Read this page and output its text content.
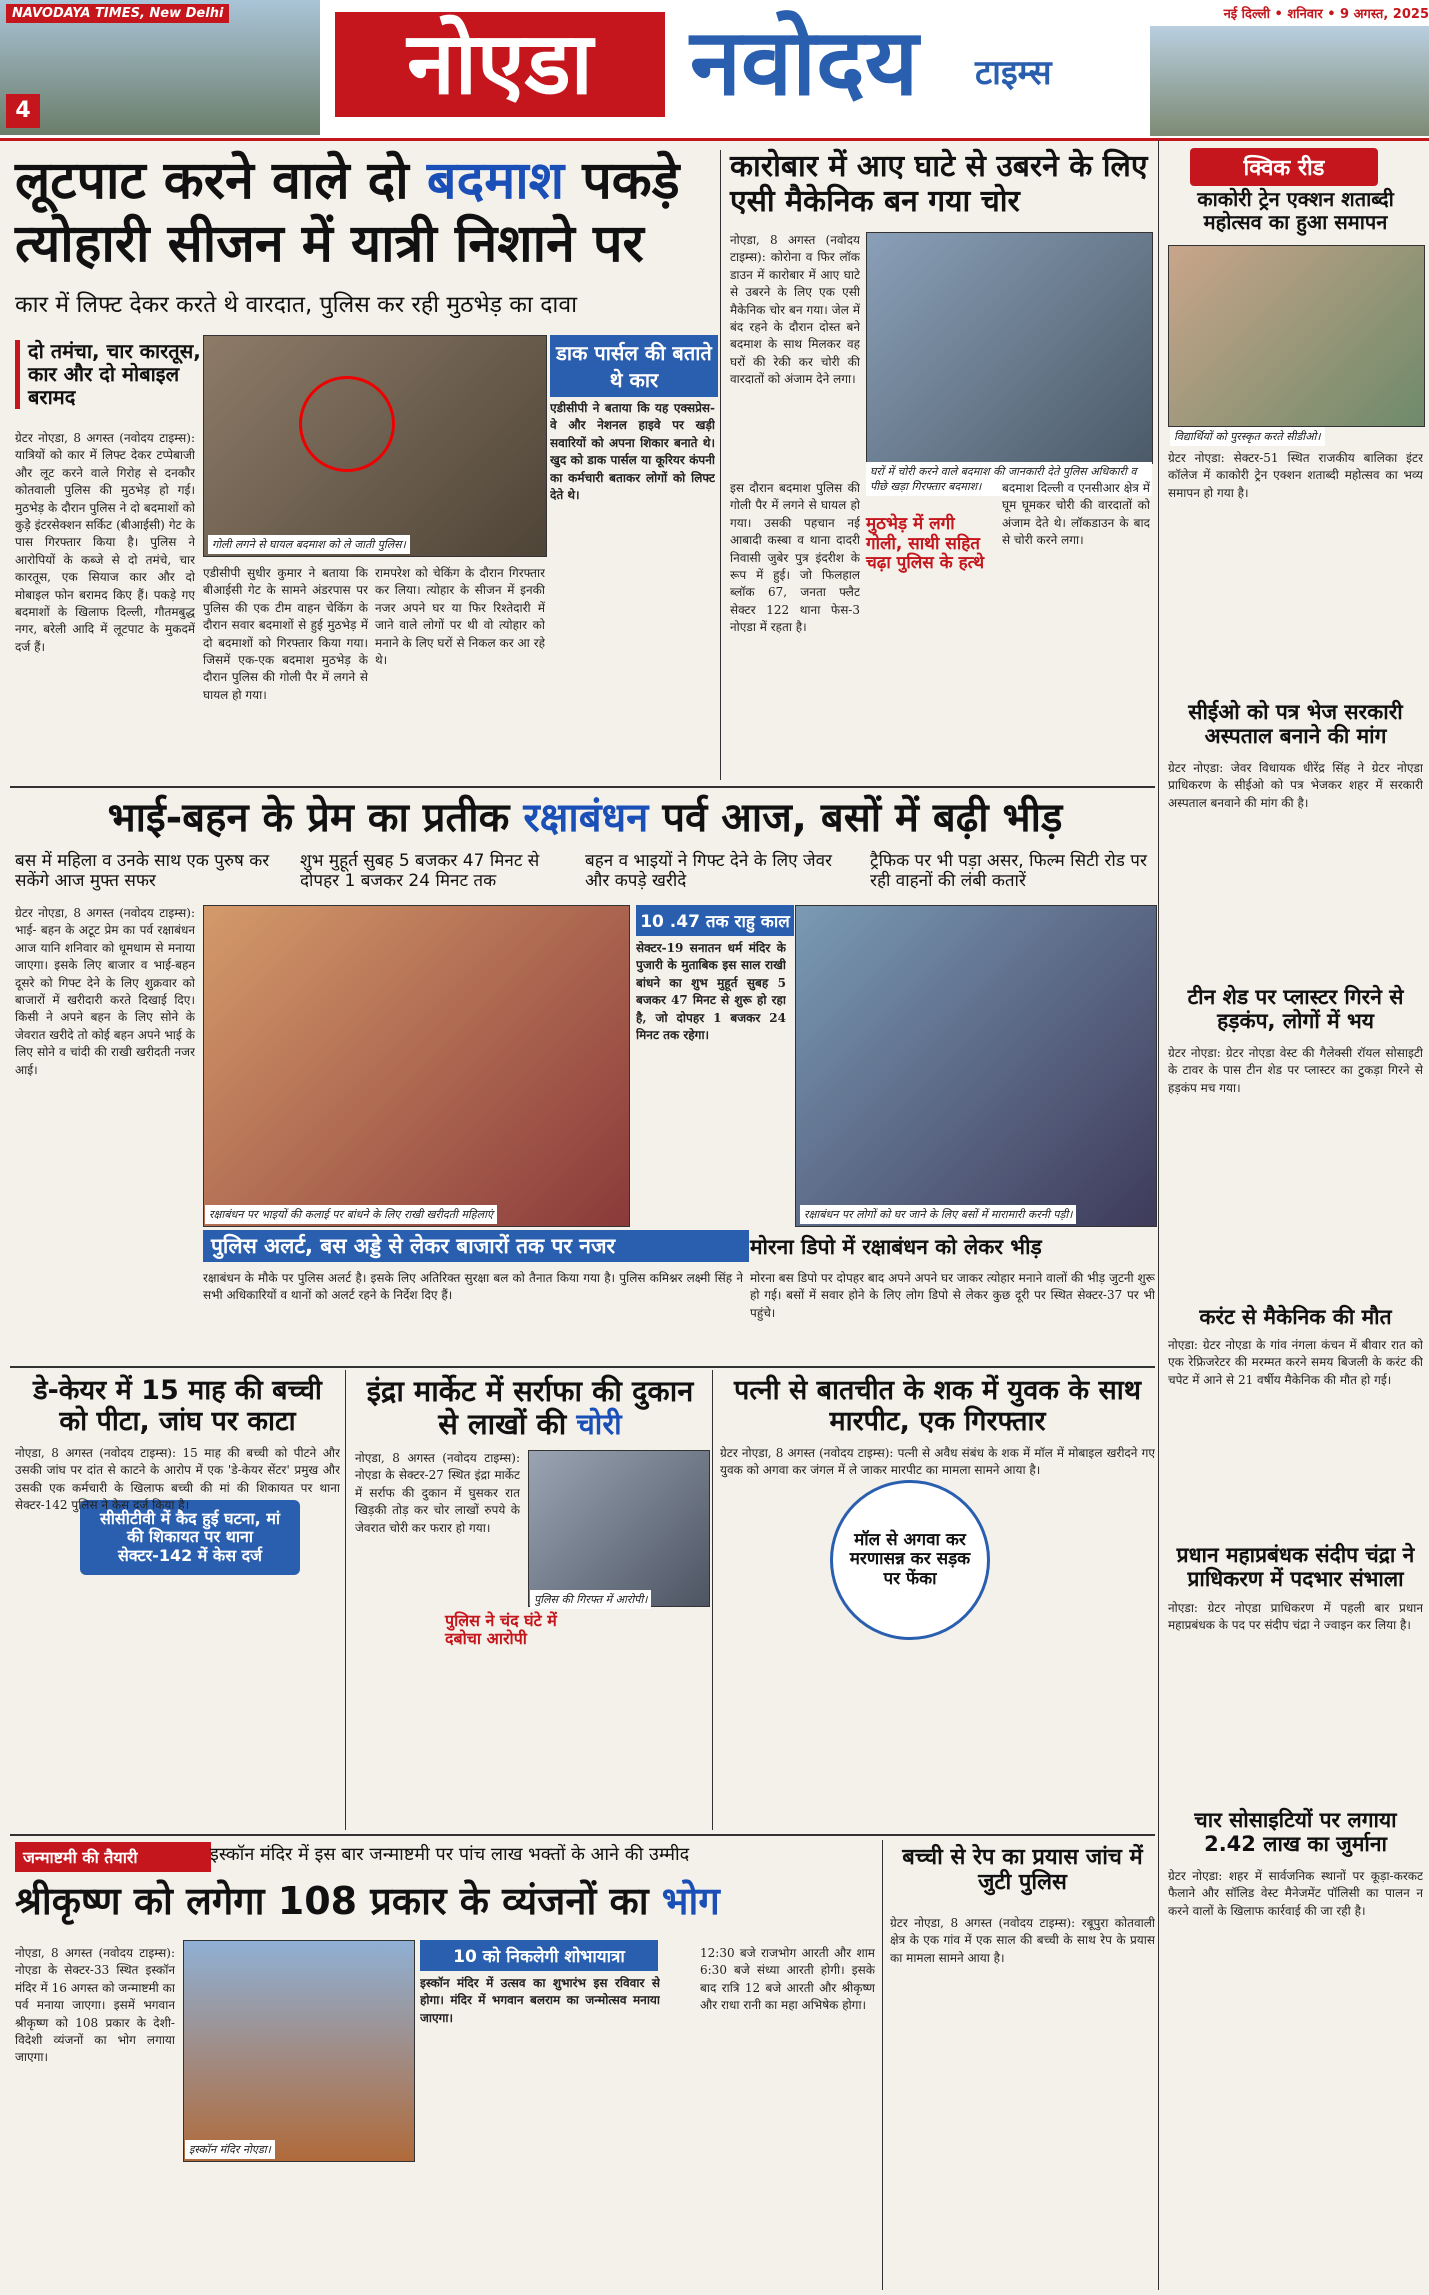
NAVODAYA TIMES, New Delhi
4	नोएडा	नवोदय टाइम्स
नई दिल्ली • शनिवार • 9 अगस्त, 2025
लूटपाट करने वाले दो बदमाश पकड़े
त्योहारी सीजन में यात्री निशाने पर
कार में लिफ्ट देकर करते थे वारदात, पुलिस कर रही मुठभेड़ का दावा
दो तमंचा, चार कारतूस, कार और दो मोबाइल बरामद
गोली लगने से घायल बदमाश को ले जाती पुलिस।
डाक पार्सल की बताते थे कार
एडीसीपी ने बताया कि यह एक्सप्रेस-वे और नेशनल हाइवे पर खड़ी सवारियों को अपना शिकार बनाते थे। खुद को डाक पार्सल या कूरियर कंपनी का कर्मचारी बताकर लोगों को लिफ्ट देते थे।
ग्रेटर नोएडा, 8 अगस्त (नवोदय टाइम्स): यात्रियों को कार में लिफ्ट देकर टप्पेबाजी और लूट करने वाले गिरोह से दनकौर कोतवाली पुलिस की मुठभेड़ हो गई। मुठभेड़ के दौरान पुलिस ने दो बदमाशों को कुड़ेे इंटरसेक्शन सर्किट (बीआईसी) गेट के पास गिरफ्तार किया है। पुलिस ने आरोपियों के कब्जे से दो तमंचे, चार कारतूस, एक सियाज कार और दो मोबाइल फोन बरामद किए हैं। पकड़े गए बदमाशों के खिलाफ दिल्ली, गौतमबुद्ध नगर, बरेली आदि में लूटपाट के मुकदमें दर्ज हैं।
एडीसीपी सुधीर कुमार ने बताया कि बीआईसी गेट के सामने अंडरपास पर पुलिस की एक टीम वाहन चेकिंग के दौरान सवार बदमाशों से हुई मुठभेड़ में दो बदमाशों को गिरफ्तार किया गया। जिसमें एक-एक बदमाश मुठभेड़ के दौरान पुलिस की गोली पैर में लगने से घायल हो गया।
रामपरेश को चेकिंग के दौरान गिरफ्तार कर लिया। त्योहार के सीजन में इनकी नजर अपने घर या फिर रिश्तेदारी में जाने वाले लोगों पर थी वो त्योहार को मनाने के लिए घरों से निकल कर आ रहे थे।
कारोबार में आए घाटे से उबरने के लिए एसी मैकेनिक बन गया चोर
नोएडा, 8 अगस्त (नवोदय टाइम्स): कोरोना व फिर लॉक डाउन में कारोबार में आए घाटे से उबरने के लिए एक एसी मैकेनिक चोर बन गया। जेल में बंद रहने के दौरान दोस्त बने बदमाश के साथ मिलकर वह घरों की रेकी कर चोरी की वारदातों को अंजाम देने लगा।
घरों में चोरी करने वाले बदमाश की जानकारी देते पुलिस अधिकारी व पीछे खड़ा गिरफ्तार बदमाश।
इस दौरान बदमाश पुलिस की गोली पैर में लगने से घायल हो गया। उसकी पहचान नई आबादी कस्बा व थाना दादरी निवासी जुबेर पुत्र इंदरीश के रूप में हुई। जो फिलहाल ब्लॉक 67, जनता फ्लैट सेक्टर 122 थाना फेस-3 नोएडा में रहता है।
मुठभेड़ में लगी गोली, साथी सहित चढ़ा पुलिस के हत्थे
बदमाश दिल्ली व एनसीआर क्षेत्र में घूम घूमकर चोरी की वारदातों को अंजाम देते थे। लॉकडाउन के बाद से चोरी करने लगा।
क्विक रीड
काकोरी ट्रेन एक्शन शताब्दी महोत्सव का हुआ समापन
विद्यार्थियों को पुरस्कृत करते सीडीओ।
ग्रेटर नोएडा: सेक्टर-51 स्थित राजकीय बालिका इंटर कॉलेज में काकोरी ट्रेन एक्शन शताब्दी महोत्सव का भव्य समापन हो गया है।
सीईओ को पत्र भेज सरकारी अस्पताल बनाने की मांग
ग्रेटर नोएडा: जेवर विधायक धीरेंद्र सिंह ने ग्रेटर नोएडा प्राधिकरण के सीईओ को पत्र भेजकर शहर में सरकारी अस्पताल बनवाने की मांग की है।
टीन शेड पर प्लास्टर गिरने से हड़कंप, लोगों में भय
ग्रेटर नोएडा: ग्रेटर नोएडा वेस्ट की गैलेक्सी रॉयल सोसाइटी के टावर के पास टीन शेड पर प्लास्टर का टुकड़ा गिरने से हड़कंप मच गया।
करंट से मैकेनिक की मौत
नोएडा: ग्रेटर नोएडा के गांव नंगला कंचन में बीवार रात को एक रेफ्रिजरेटर की मरम्मत करने समय बिजली के करंट की चपेट में आने से 21 वर्षीय मैकेनिक की मौत हो गई।
प्रधान महाप्रबंधक संदीप चंद्रा ने प्राधिकरण में पदभार संभाला
नोएडा: ग्रेटर नोएडा प्राधिकरण में पहली बार प्रधान महाप्रबंधक के पद पर संदीप चंद्रा ने ज्वाइन कर लिया है।
चार सोसाइटियों पर लगाया 2.42 लाख का जुर्माना
ग्रेटर नोएडा: शहर में सार्वजनिक स्थानों पर कूड़ा-करकट फैलाने और सॉलिड वेस्ट मैनेजमेंट पॉलिसी का पालन न करने वालों के खिलाफ कार्रवाई की जा रही है।
भाई-बहन के प्रेम का प्रतीक रक्षाबंधन पर्व आज, बसों में बढ़ी भीड़
बस में महिला व उनके साथ एक पुरुष कर सकेंगे आज मुफ्त सफर
शुभ मुहूर्त सुबह 5 बजकर 47 मिनट से दोपहर 1 बजकर 24 मिनट तक
बहन व भाइयों ने गिफ्ट देने के लिए जेवर और कपड़े खरीदे
ट्रैफिक पर भी पड़ा असर, फिल्म सिटी रोड पर रही वाहनों की लंबी कतारें
ग्रेटर नोएडा, 8 अगस्त (नवोदय टाइम्स): भाई- बहन के अटूट प्रेम का पर्व रक्षाबंधन आज यानि शनिवार को धूमधाम से मनाया जाएगा। इसके लिए बाजार व भाई-बहन दूसरे को गिफ्ट देने के लिए शुक्रवार को बाजारों में खरीदारी करते दिखाई दिए। किसी ने अपने बहन के लिए सोने के जेवरात खरीदे तो कोई बहन अपने भाई के लिए सोने व चांदी की राखी खरीदती नजर आई।
रक्षाबंधन पर भाइयों की कलाई पर बांधने के लिए राखी खरीदती महिलाएं
10 .47 तक राहु काल
सेक्टर-19 सनातन धर्म मंदिर के पुजारी के मुताबिक इस साल राखी बांधने का शुभ मुहूर्त सुबह 5 बजकर 47 मिनट से शुरू हो रहा है, जो दोपहर 1 बजकर 24 मिनट तक रहेगा।
रक्षाबंधन पर लोगों को घर जाने के लिए बसों में मारामारी करनी पड़ी।
पुलिस अलर्ट, बस अड्डे से लेकर बाजारों तक पर नजर
रक्षाबंधन के मौके पर पुलिस अलर्ट है। इसके लिए अतिरिक्त सुरक्षा बल को तैनात किया गया है। पुलिस कमिश्नर लक्ष्मी सिंह ने सभी अधिकारियों व थानों को अलर्ट रहने के निर्देश दिए हैं।
मोरना डिपो में रक्षाबंधन को लेकर भीड़
मोरना बस डिपो पर दोपहर बाद अपने अपने घर जाकर त्योहार मनाने वालों की भीड़ जुटनी शुरू हो गई। बसों में सवार होने के लिए लोग डिपो से लेकर कुछ दूरी पर स्थित सेक्टर-37 पर भी पहुंचे।
डे-केयर में 15 माह की बच्ची को पीटा, जांघ पर काटा
सीसीटीवी में कैद हुई घटना, मां की शिकायत पर थाना सेक्टर-142 में केस दर्ज
नोएडा, 8 अगस्त (नवोदय टाइम्स): 15 माह की बच्ची को पीटने और उसकी जांघ पर दांत से काटने के आरोप में एक 'डे-केयर सेंटर' प्रमुख और उसकी एक कर्मचारी के खिलाफ बच्ची की मां की शिकायत पर थाना सेक्टर-142 पुलिस ने केस दर्ज किया है।
इंद्रा मार्केट में सर्राफा की दुकान से लाखों की चोरी
पुलिस की गिरफ्त में आरोपी।
पुलिस ने चंद घंटे में दबोचा आरोपी
नोएडा, 8 अगस्त (नवोदय टाइम्स): नोएडा के सेक्टर-27 स्थित इंद्रा मार्केट में सर्राफ की दुकान में घुसकर रात खिड़की तोड़ कर चोर लाखों रुपये के जेवरात चोरी कर फरार हो गया।
पत्नी से बातचीत के शक में युवक के साथ मारपीट, एक गिरफ्तार
मॉल से अगवा कर मरणासन्न कर सड़क पर फेंका
ग्रेटर नोएडा, 8 अगस्त (नवोदय टाइम्स): पत्नी से अवैध संबंध के शक में मॉल में मोबाइल खरीदने गए युवक को अगवा कर जंगल में ले जाकर मारपीट का मामला सामने आया है।
जन्माष्टमी की तैयारी	इस्कॉन मंदिर में इस बार जन्माष्टमी पर पांच लाख भक्तों के आने की उम्मीद
श्रीकृष्ण को लगेगा 108 प्रकार के व्यंजनों का भोग
नोएडा, 8 अगस्त (नवोदय टाइम्स): नोएडा के सेक्टर-33 स्थित इस्कॉन मंदिर में 16 अगस्त को जन्माष्टमी का पर्व मनाया जाएगा। इसमें भगवान श्रीकृष्ण को 108 प्रकार के देशी-विदेशी व्यंजनों का भोग लगाया जाएगा।
इस्कॉन मंदिर नोएडा।
10 को निकलेगी शोभायात्रा
इस्कॉन मंदिर में उत्सव का शुभारंभ इस रविवार से होगा। मंदिर में भगवान बलराम का जन्मोत्सव मनाया जाएगा।
12:30 बजे राजभोग आरती और शाम 6:30 बजे संध्या आरती होगी। इसके बाद रात्रि 12 बजे आरती और श्रीकृष्ण और राधा रानी का महा अभिषेक होगा।
बच्ची से रेप का प्रयास जांच में जुटी पुलिस
ग्रेटर नोएडा, 8 अगस्त (नवोदय टाइम्स): रबूपुरा कोतवाली क्षेत्र के एक गांव में एक साल की बच्ची के साथ रेप के प्रयास का मामला सामने आया है।
